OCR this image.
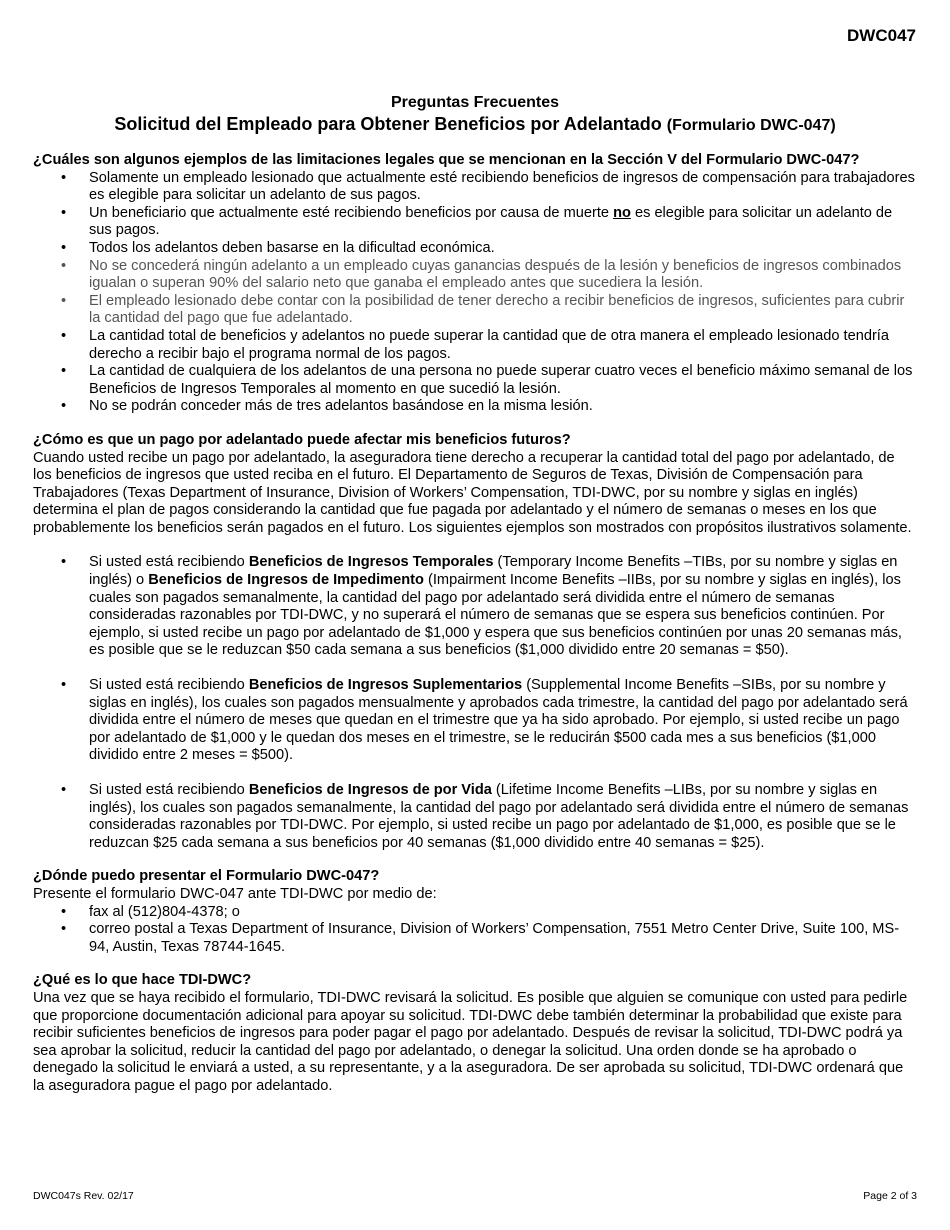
DWC047
Preguntas Frecuentes
Solicitud del Empleado para Obtener Beneficios por Adelantado (Formulario DWC-047)

¿Cuáles son algunos ejemplos de las limitaciones legales que se mencionan en la Sección V del Formulario DWC-047?

• Solamente un empleado lesionado que actualmente esté recibiendo beneficios de ingresos de compensación para trabajadores es elegible para solicitar un adelanto de sus pagos.
• Un beneficiario que actualmente esté recibiendo beneficios por causa de muerte no es elegible para solicitar un adelanto de sus pagos.
• Todos los adelantos deben basarse en la dificultad económica.
• No se concederá ningún adelanto a un empleado cuyas ganancias después de la lesión y beneficios de ingresos combinados igualan o superan 90% del salario neto que ganaba el empleado antes que sucediera la lesión.
• El empleado lesionado debe contar con la posibilidad de tener derecho a recibir beneficios de ingresos, suficientes para cubrir la cantidad del pago que fue adelantado.
• La cantidad total de beneficios y adelantos no puede superar la cantidad que de otra manera el empleado lesionado tendría derecho a recibir bajo el programa normal de los pagos.
• La cantidad de cualquiera de los adelantos de una persona no puede superar cuatro veces el beneficio máximo semanal de los Beneficios de Ingresos Temporales al momento en que sucedió la lesión.
• No se podrán conceder más de tres adelantos basándose en la misma lesión.

¿Cómo es que un pago por adelantado puede afectar mis beneficios futuros?

Cuando usted recibe un pago por adelantado, la aseguradora tiene derecho a recuperar la cantidad total del pago por adelantado, de los beneficios de ingresos que usted reciba en el futuro. El Departamento de Seguros de Texas, División de Compensación para Trabajadores (Texas Department of Insurance, Division of Workers’ Compensation, TDI-DWC, por su nombre y siglas en inglés) determina el plan de pagos considerando la cantidad que fue pagada por adelantado y el número de semanas o meses en los que probablemente los beneficios serán pagados en el futuro. Los siguientes ejemplos son mostrados con propósitos ilustrativos solamente.

• Si usted está recibiendo Beneficios de Ingresos Temporales (Temporary Income Benefits –TIBs, por su nombre y siglas en inglés) o Beneficios de Ingresos de Impedimento (Impairment Income Benefits –IIBs, por su nombre y siglas en inglés), los cuales son pagados semanalmente, la cantidad del pago por adelantado será dividida entre el número de semanas consideradas razonables por TDI-DWC, y no superará el número de semanas que se espera sus beneficios continúen. Por ejemplo, si usted recibe un pago por adelantado de $1,000 y espera que sus beneficios continúen por unas 20 semanas más, es posible que se le reduzcan $50 cada semana a sus beneficios ($1,000 dividido entre 20 semanas = $50).
• Si usted está recibiendo Beneficios de Ingresos Suplementarios (Supplemental Income Benefits –SIBs, por su nombre y siglas en inglés), los cuales son pagados mensualmente y aprobados cada trimestre, la cantidad del pago por adelantado será dividida entre el número de meses que quedan en el trimestre que ya ha sido aprobado. Por ejemplo, si usted recibe un pago por adelantado de $1,000 y le quedan dos meses en el trimestre, se le reducirán $500 cada mes a sus beneficios ($1,000 dividido entre 2 meses = $500).
• Si usted está recibiendo Beneficios de Ingresos de por Vida (Lifetime Income Benefits –LIBs, por su nombre y siglas en inglés), los cuales son pagados semanalmente, la cantidad del pago por adelantado será dividida entre el número de semanas consideradas razonables por TDI-DWC. Por ejemplo, si usted recibe un pago por adelantado de $1,000, es posible que se le reduzcan $25 cada semana a sus beneficios por 40 semanas ($1,000 dividido entre 40 semanas = $25).

¿Dónde puedo presentar el Formulario DWC-047?

Presente el formulario DWC-047 ante TDI-DWC por medio de:

• fax al (512)804-4378; o
• correo postal a Texas Department of Insurance, Division of Workers’ Compensation, 7551 Metro Center Drive, Suite 100, MS-94, Austin, Texas 78744-1645.

¿Qué es lo que hace TDI-DWC?

Una vez que se haya recibido el formulario, TDI-DWC revisará la solicitud. Es posible que alguien se comunique con usted para pedirle que proporcione documentación adicional para apoyar su solicitud. TDI-DWC debe también determinar la probabilidad que existe para recibir suficientes beneficios de ingresos para poder pagar el pago por adelantado. Después de revisar la solicitud, TDI-DWC podrá ya sea aprobar la solicitud, reducir la cantidad del pago por adelantado, o denegar la solicitud. Una orden donde se ha aprobado o denegado la solicitud le enviará a usted, a su representante, y a la aseguradora. De ser aprobada su solicitud, TDI-DWC ordenará que la aseguradora pague el pago por adelantado.

DWC047s Rev. 02/17	Page 2 of 3
